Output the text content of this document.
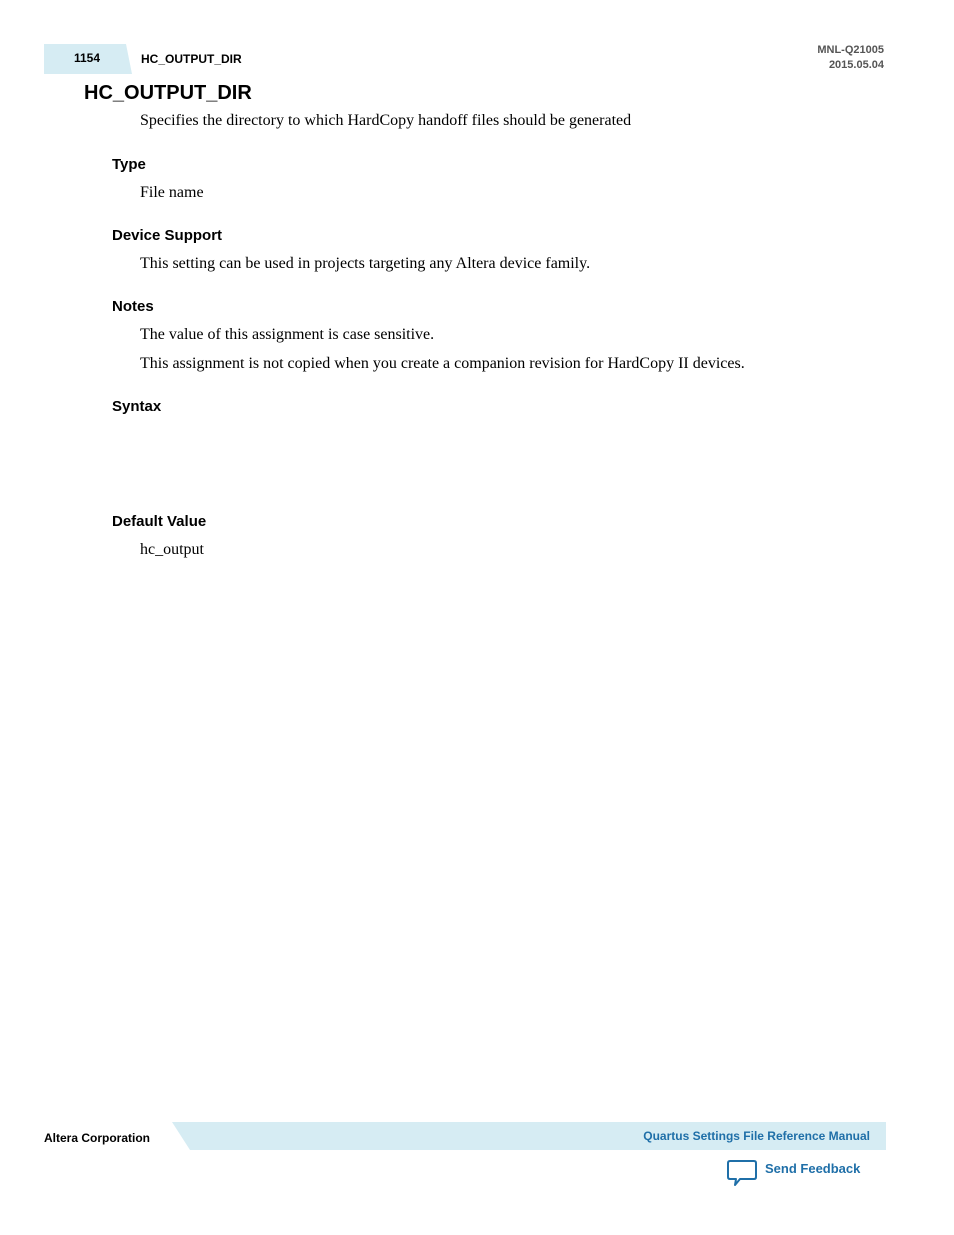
1154	HC_OUTPUT_DIR
MNL-Q21005
2015.05.04
HC_OUTPUT_DIR

Specifies the directory to which HardCopy handoff files should be generated

Type

File name

Device Support

This setting can be used in projects targeting any Altera device family.

Notes

The value of this assignment is case sensitive.

This assignment is not copied when you create a companion revision for HardCopy II devices.

Syntax
Default Value

hc_output

Altera Corporation	Quartus Settings File Reference Manual
Send Feedback
